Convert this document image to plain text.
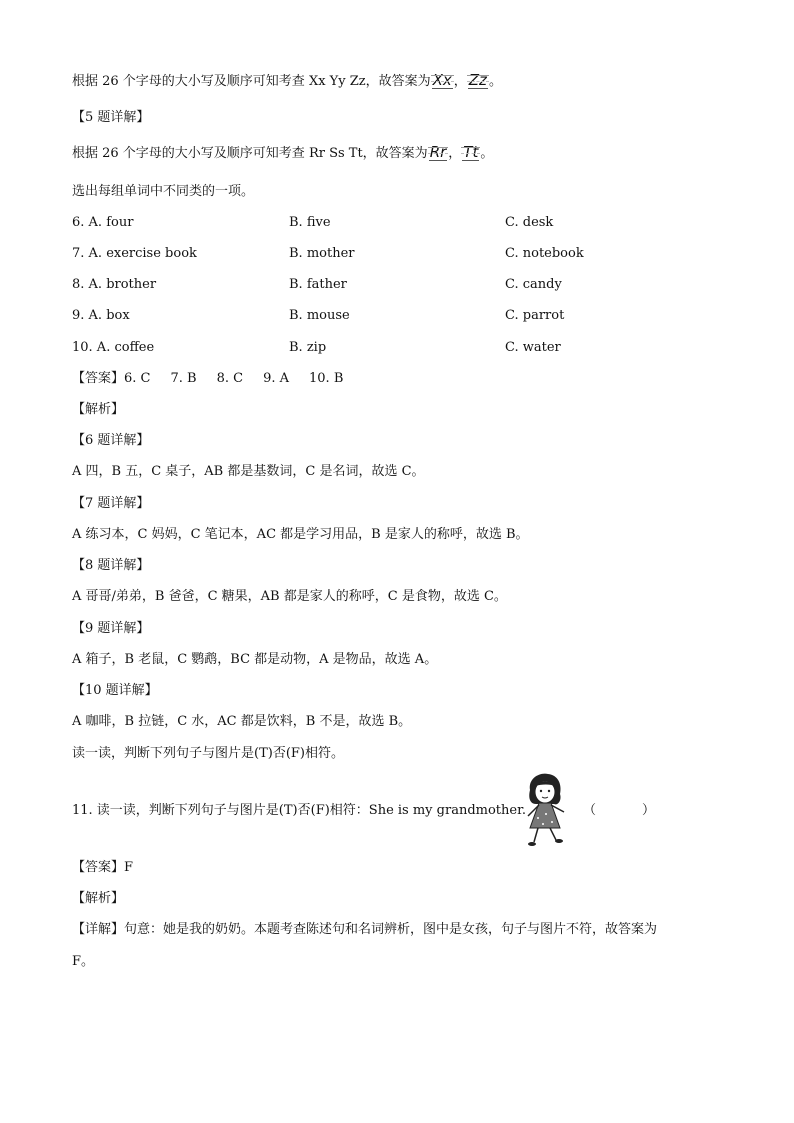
根据 26 个字母的大小写及顺序可知考查 Xx Yy Zz，故答案为 Xx ， Zz 。
【5 题详解】
根据 26 个字母的大小写及顺序可知考查 Rr Ss Tt，故答案为 Rr ， Tt 。
选出每组单词中不同类的一项。
6. A. four	B. five	C. desk
7. A. exercise book	B. mother	C. notebook
8. A. brother	B. father	C. candy
9. A. box	B. mouse	C. parrot
10. A. coffee	B. zip	C. water
【答案】6. C 7. B 8. C 9. A 10. B
【解析】
【6 题详解】
A 四，B 五，C 桌子，AB 都是基数词，C 是名词，故选 C。
【7 题详解】
A 练习本，C 妈妈，C 笔记本，AC 都是学习用品，B 是家人的称呼，故选 B。
【8 题详解】
A 哥哥/弟弟，B 爸爸，C 糖果，AB 都是家人的称呼，C 是食物，故选 C。
【9 题详解】
A 箱子，B 老鼠，C 鹦鹉，BC 都是动物，A 是物品，故选 A。
【10 题详解】
A 咖啡，B 拉链，C 水，AC 都是饮料，B 不是，故选 B。
读一读，判断下列句子与图片是(T)否(F)相符。
11. 读一读，判断下列句子与图片是(T)否(F)相符：She is my grandmother.	（	）
【答案】F
【解析】
【详解】句意：她是我的奶奶。本题考查陈述句和名词辨析，图中是女孩，句子与图片不符，故答案为
F。
